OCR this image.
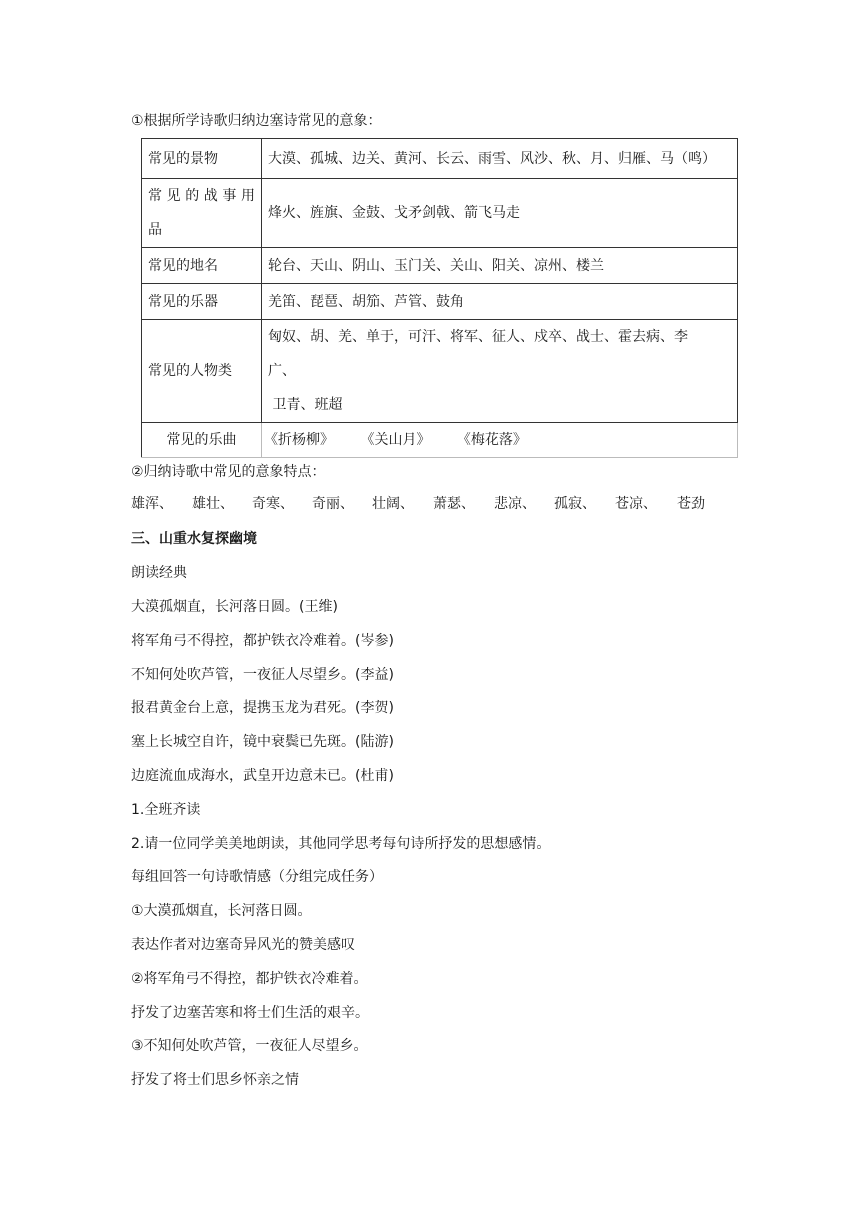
①根据所学诗歌归纳边塞诗常见的意象：
常见的景物	大漠、孤城、边关、黄河、长云、雨雪、风沙、秋、月、归雁、马（鸣）

常见的战事用
品	烽火、旌旗、金鼓、戈矛剑戟、箭飞马走
常见的地名	轮台、天山、阴山、玉门关、关山、阳关、凉州、楼兰
常见的乐器	羌笛、琵琶、胡笳、芦管、鼓角
常见的人物类	匈奴、胡、羌、单于，可汗、将军、征人、戍卒、战士、霍去病、李
广、
卫青、班超

常见的乐曲	《折杨柳》 《关山月》 《梅花落》
②归纳诗歌中常见的意象特点：
雄浑、 雄壮、 奇寒、 奇丽、 壮阔、 萧瑟、 悲凉、 孤寂、 苍凉、 苍劲
三、山重水复探幽境
朗读经典
大漠孤烟直，长河落日圆。(王维)
将军角弓不得控，都护铁衣冷难着。(岑参)
不知何处吹芦管，一夜征人尽望乡。(李益)
报君黄金台上意，提携玉龙为君死。(李贺)
塞上长城空自许，镜中衰鬓已先斑。(陆游)
边庭流血成海水，武皇开边意未已。(杜甫)
1.全班齐读
2.请一位同学美美地朗读，其他同学思考每句诗所抒发的思想感情。
每组回答一句诗歌情感（分组完成任务）
①大漠孤烟直，长河落日圆。
表达作者对边塞奇异风光的赞美感叹
②将军角弓不得控，都护铁衣冷难着。
抒发了边塞苦寒和将士们生活的艰辛。
③不知何处吹芦管，一夜征人尽望乡。
抒发了将士们思乡怀亲之情
